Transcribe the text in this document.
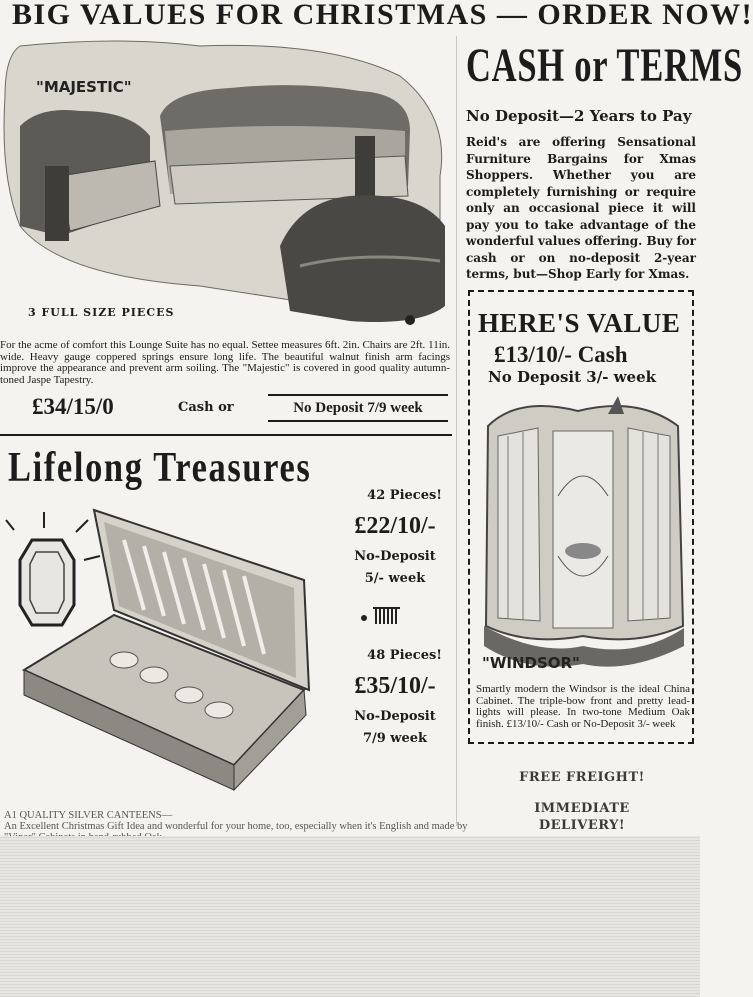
BIG VALUES FOR CHRISTMAS — ORDER NOW!
"MAJESTIC"
3 FULL SIZE PIECES
For the acme of comfort this Lounge Suite has no equal. Settee measures 6ft. 2in. Chairs are 2ft. 11in. wide. Heavy gauge coppered springs ensure long life. The beautiful walnut finish arm facings improve the appearance and prevent arm soiling. The "Majestic" is covered in good quality autumn-toned Jaspe Tapestry.
£34/15/0	Cash or	No Deposit 7/9 week
CASH or TERMS
No Deposit—2 Years to Pay
Reid's are offering Sensational Furniture Bargains for Xmas Shoppers. Whether you are completely furnishing or require only an occasional piece it will pay you to take advantage of the wonderful values offering. Buy for cash or on no-deposit 2-year terms, but—Shop Early for Xmas.
HERE'S VALUE
£13/10/- Cash
No Deposit 3/- week
"WINDSOR"
Smartly modern the Windsor is the ideal China Cabinet. The triple-bow front and pretty lead-lights will please. In two-tone Medium Oak finish. £13/10/- Cash or No-Deposit 3/- week
FREE FREIGHT!
IMMEDIATE
DELIVERY!
Lifelong Treasures
42 Pieces!
£22/10/-
No-Deposit
5/- week
48 Pieces!
£35/10/-
No-Deposit
7/9 week
A1 QUALITY SILVER CANTEENS—
An Excellent Christmas Gift Idea and wonderful for your home, too, especially when it's English and made by
